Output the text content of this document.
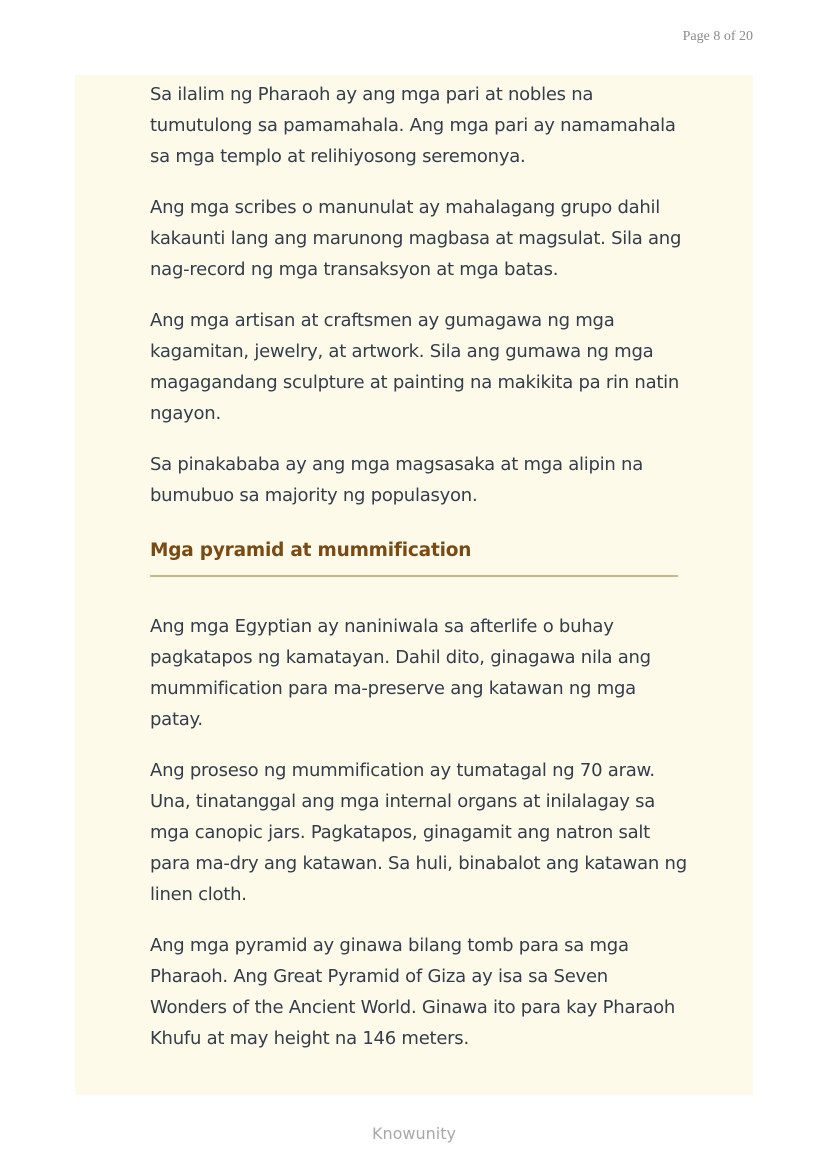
Page 8 of 20

Sa ilalim ng Pharaoh ay ang mga pari at nobles na tumutulong sa pamamahala. Ang mga pari ay namamahala sa mga templo at relihiyosong seremonya.

Ang mga scribes o manunulat ay mahalagang grupo dahil kakaunti lang ang marunong magbasa at magsulat. Sila ang nag-record ng mga transaksyon at mga batas.

Ang mga artisan at craftsmen ay gumagawa ng mga kagamitan, jewelry, at artwork. Sila ang gumawa ng mga magagandang sculpture at painting na makikita pa rin natin ngayon.

Sa pinakababa ay ang mga magsasaka at mga alipin na bumubuo sa majority ng populasyon.

Mga pyramid at mummification

Ang mga Egyptian ay naniniwala sa afterlife o buhay pagkatapos ng kamatayan. Dahil dito, ginagawa nila ang mummification para ma-preserve ang katawan ng mga patay.

Ang proseso ng mummification ay tumatagal ng 70 araw. Una, tinatanggal ang mga internal organs at inilalagay sa mga canopic jars. Pagkatapos, ginagamit ang natron salt para ma-dry ang katawan. Sa huli, binabalot ang katawan ng linen cloth.

Ang mga pyramid ay ginawa bilang tomb para sa mga Pharaoh. Ang Great Pyramid of Giza ay isa sa Seven Wonders of the Ancient World. Ginawa ito para kay Pharaoh Khufu at may height na 146 meters.

Knowunity
